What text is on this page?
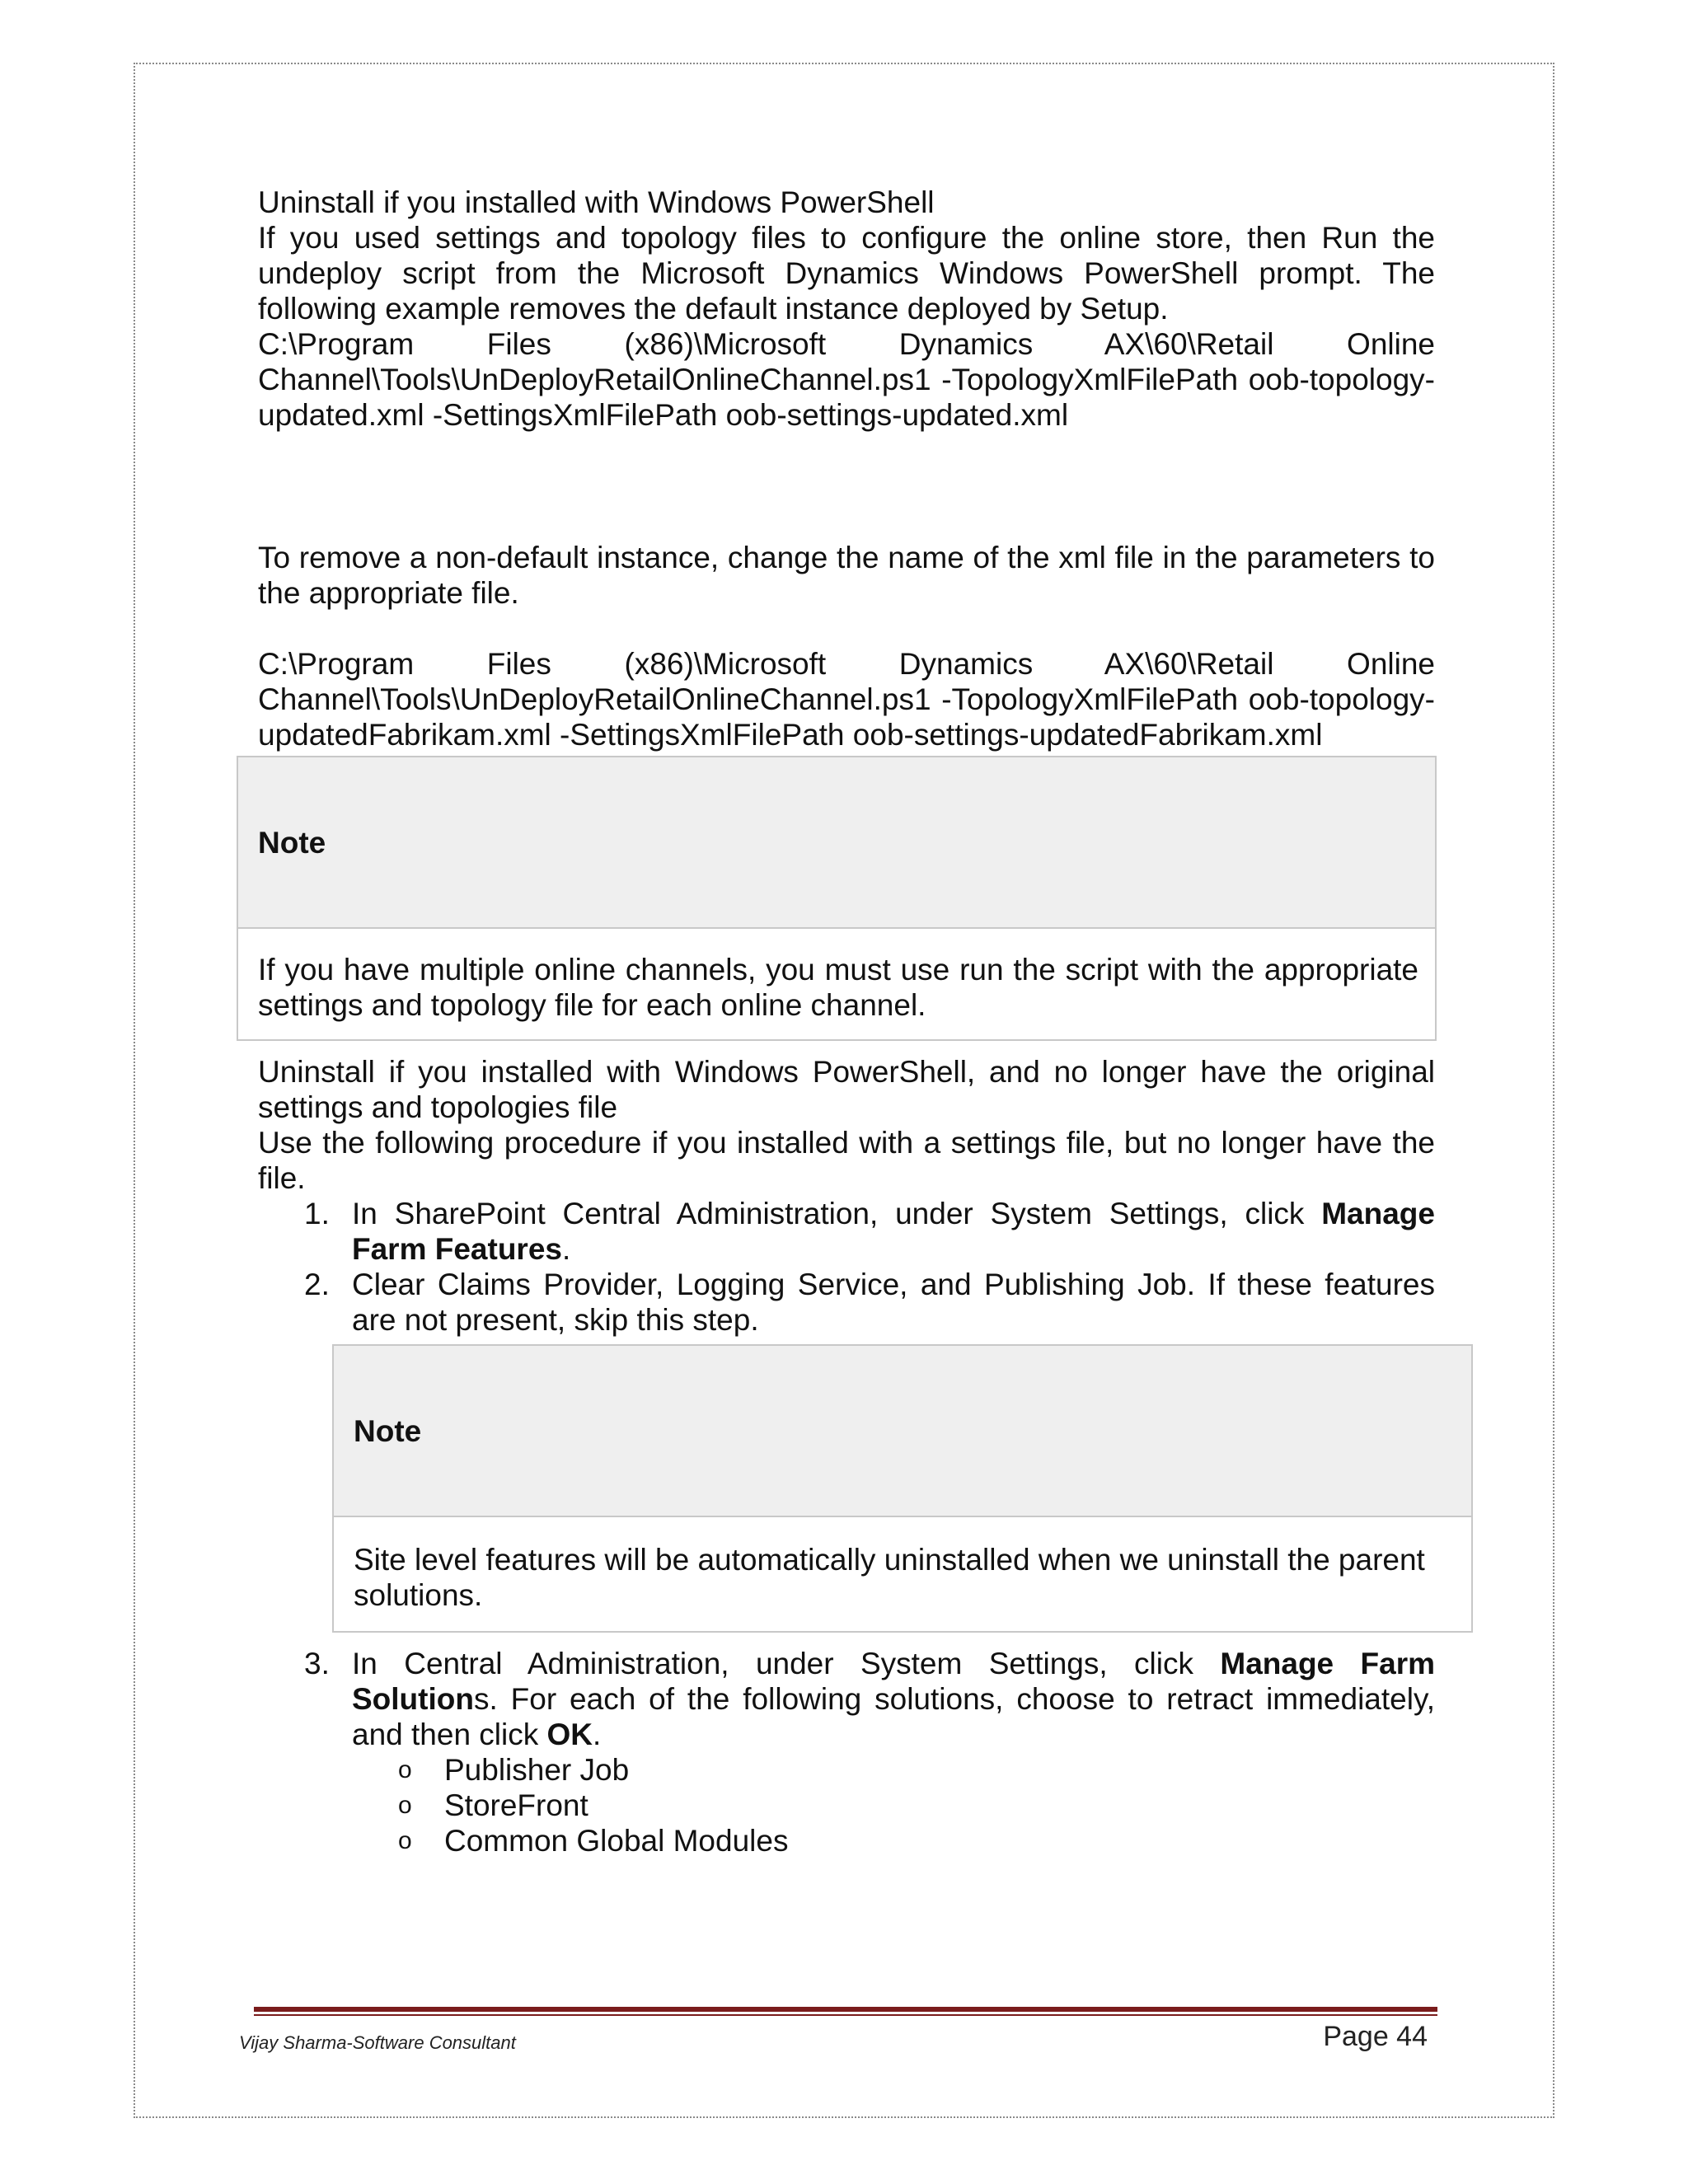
Uninstall if you installed with Windows PowerShell

If you used settings and topology files to configure the online store, then Run the undeploy script from the Microsoft Dynamics Windows PowerShell prompt. The following example removes the default instance deployed by Setup.

C:\Program Files (x86)\Microsoft Dynamics AX\60\Retail Online Channel\Tools\UnDeployRetailOnlineChannel.ps1 -TopologyXmlFilePath oob-topology-updated.xml -SettingsXmlFilePath oob-settings-updated.xml

To remove a non-default instance, change the name of the xml file in the parameters to the appropriate file.

C:\Program Files (x86)\Microsoft Dynamics AX\60\Retail Online Channel\Tools\UnDeployRetailOnlineChannel.ps1 -TopologyXmlFilePath oob-topology-updatedFabrikam.xml -SettingsXmlFilePath oob-settings-updatedFabrikam.xml

Note

If you have multiple online channels, you must use run the script with the appropriate settings and topology file for each online channel.

Uninstall if you installed with Windows PowerShell, and no longer have the original settings and topologies file

Use the following procedure if you installed with a settings file, but no longer have the file.

1. In SharePoint Central Administration, under System Settings, click Manage Farm Features.

2. Clear Claims Provider, Logging Service, and Publishing Job. If these features are not present, skip this step.

Note

Site level features will be automatically uninstalled when we uninstall the parent solutions.

3. In Central Administration, under System Settings, click Manage Farm Solutions. For each of the following solutions, choose to retract immediately, and then click OK.

o Publisher Job
o StoreFront
o Common Global Modules
Vijay Sharma-Software Consultant	Page 44
